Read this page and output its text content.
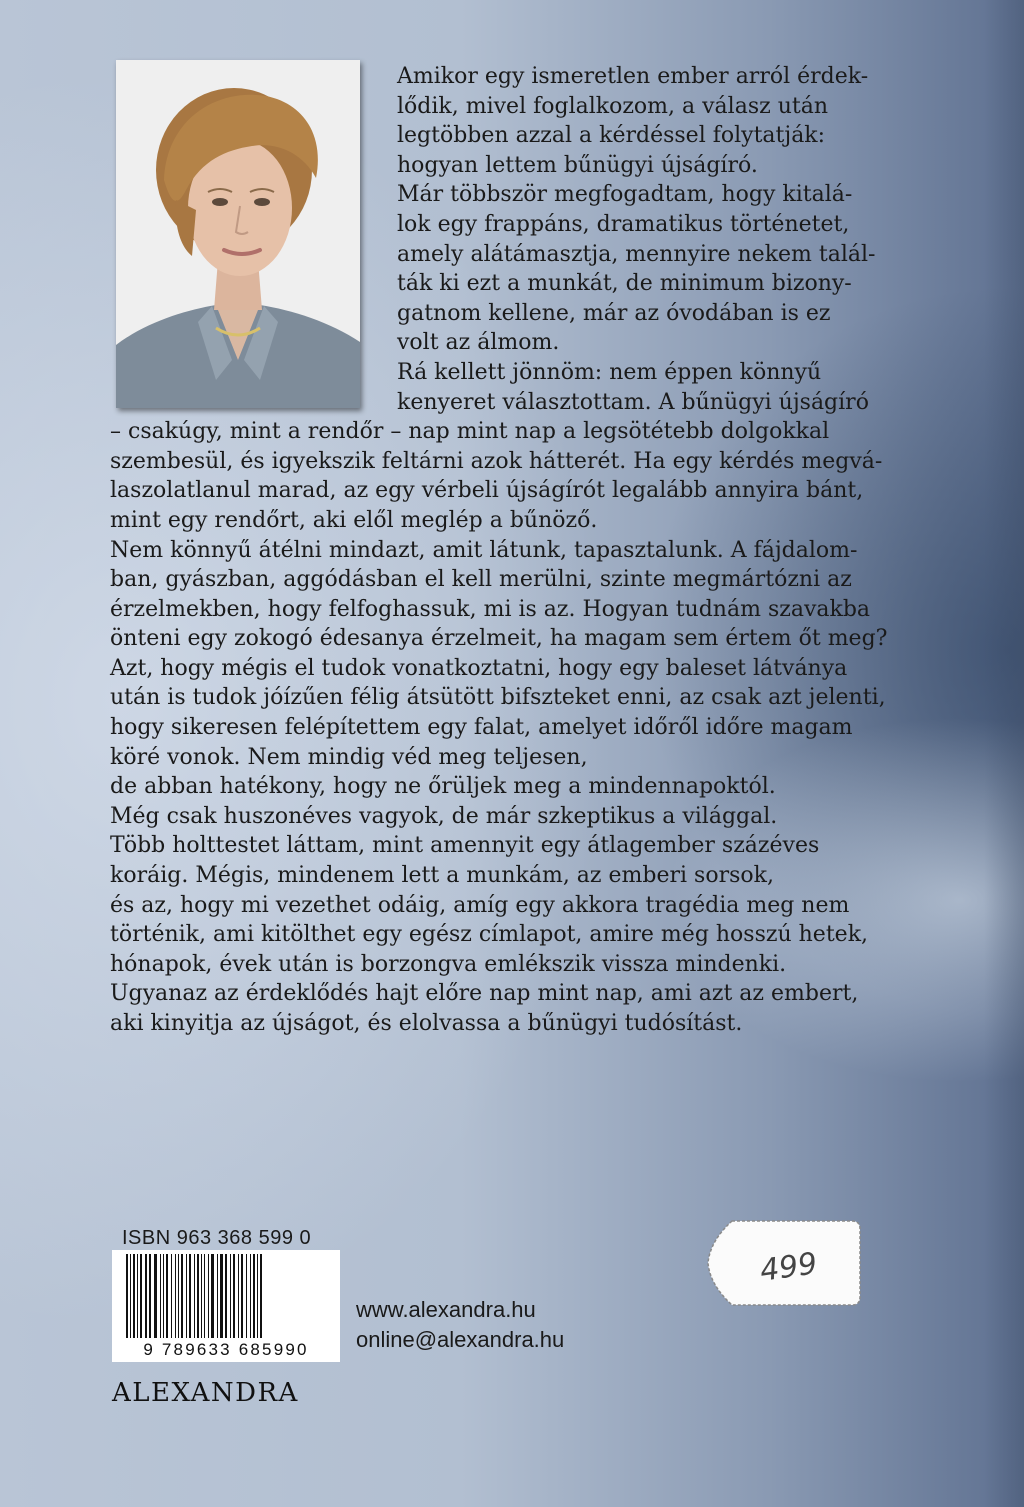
Amikor egy ismeretlen ember arról érdek-
lődik, mivel foglalkozom, a válasz után
legtöbben azzal a kérdéssel folytatják:
hogyan lettem bűnügyi újságíró.
Már többször megfogadtam, hogy kitalá-
lok egy frappáns, dramatikus történetet,
amely alátámasztja, mennyire nekem talál-
ták ki ezt a munkát, de minimum bizony-
gatnom kellene, már az óvodában is ez
volt az álmom.
Rá kellett jönnöm: nem éppen könnyű
kenyeret választottam. A bűnügyi újságíró
– csakúgy, mint a rendőr – nap mint nap a legsötétebb dolgokkal
szembesül, és igyekszik feltárni azok hátterét. Ha egy kérdés megvá-
laszolatlanul marad, az egy vérbeli újságírót legalább annyira bánt,
mint egy rendőrt, aki elől meglép a bűnöző.
Nem könnyű átélni mindazt, amit látunk, tapasztalunk. A fájdalom-
ban, gyászban, aggódásban el kell merülni, szinte megmártózni az
érzelmekben, hogy felfoghassuk, mi is az. Hogyan tudnám szavakba
önteni egy zokogó édesanya érzelmeit, ha magam sem értem őt meg?
Azt, hogy mégis el tudok vonatkoztatni, hogy egy baleset látványa
után is tudok jóízűen félig átsütött bifszteket enni, az csak azt jelenti,
hogy sikeresen felépítettem egy falat, amelyet időről időre magam
köré vonok. Nem mindig véd meg teljesen,
de abban hatékony, hogy ne őrüljek meg a mindennapoktól.
Még csak huszonéves vagyok, de már szkeptikus a világgal.
Több holttestet láttam, mint amennyit egy átlagember százéves
koráig. Mégis, mindenem lett a munkám, az emberi sorsok,
és az, hogy mi vezethet odáig, amíg egy akkora tragédia meg nem
történik, ami kitölthet egy egész címlapot, amire még hosszú hetek,
hónapok, évek után is borzongva emlékszik vissza mindenki.
Ugyanaz az érdeklődés hajt előre nap mint nap, ami azt az embert,
aki kinyitja az újságot, és elolvassa a bűnügyi tudósítást.
ISBN 963 368 599 0
9 789633 685990
499
www.alexandra.hu
online@alexandra.hu
ALEXANDRA
